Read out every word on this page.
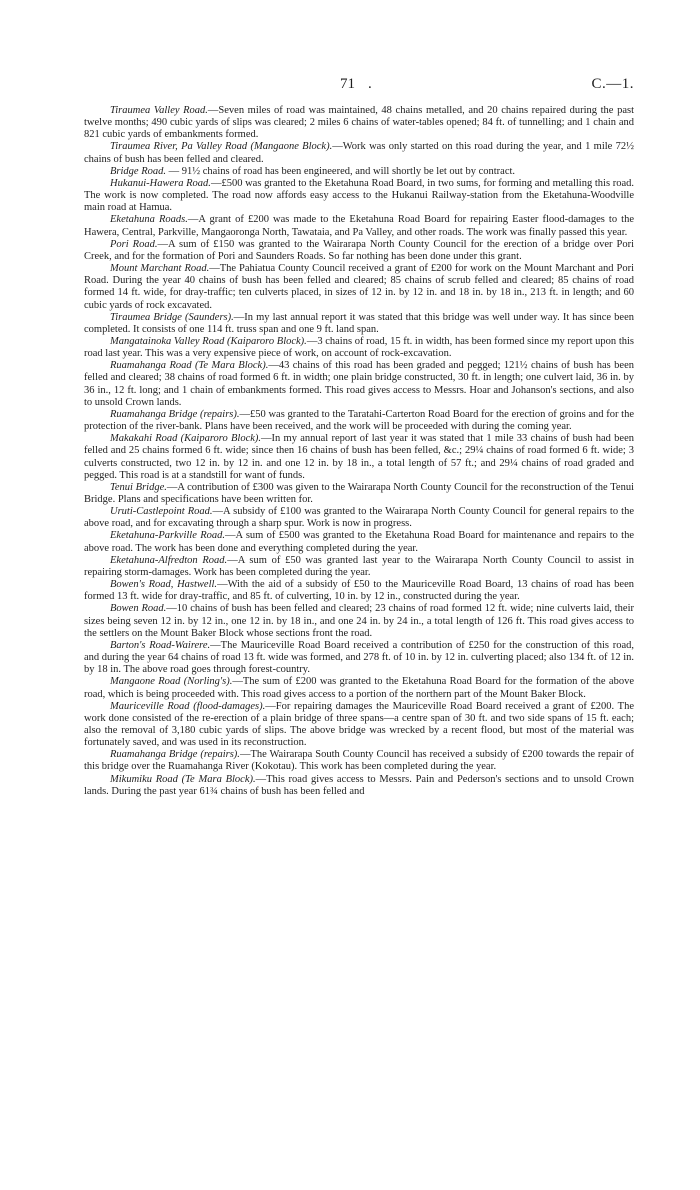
71 .	C.—1.

Tiraumea Valley Road.—Seven miles of road was maintained, 48 chains metalled, and 20 chains repaired during the past twelve months; 490 cubic yards of slips was cleared; 2 miles 6 chains of water-tables opened; 84 ft. of tunnelling; and 1 chain and 821 cubic yards of embankments formed.

Tiraumea River, Pa Valley Road (Mangaone Block).—Work was only started on this road during the year, and 1 mile 72½ chains of bush has been felled and cleared.

Bridge Road. — 91½ chains of road has been engineered, and will shortly be let out by contract.

Hukanui-Hawera Road.—£500 was granted to the Eketahuna Road Board, in two sums, for forming and metalling this road. The work is now completed. The road now affords easy access to the Hukanui Railway-station from the Eketahuna-Woodville main road at Hamua.

Eketahuna Roads.—A grant of £200 was made to the Eketahuna Road Board for repairing Easter flood-damages to the Hawera, Central, Parkville, Mangaoronga North, Tawataia, and Pa Valley, and other roads. The work was finally passed this year.

Pori Road.—A sum of £150 was granted to the Wairarapa North County Council for the erection of a bridge over Pori Creek, and for the formation of Pori and Saunders Roads. So far nothing has been done under this grant.

Mount Marchant Road.—The Pahiatua County Council received a grant of £200 for work on the Mount Marchant and Pori Road. During the year 40 chains of bush has been felled and cleared; 85 chains of scrub felled and cleared; 85 chains of road formed 14 ft. wide, for dray-traffic; ten culverts placed, in sizes of 12 in. by 12 in. and 18 in. by 18 in., 213 ft. in length; and 60 cubic yards of rock excavated.

Tiraumea Bridge (Saunders).—In my last annual report it was stated that this bridge was well under way. It has since been completed. It consists of one 114 ft. truss span and one 9 ft. land span.

Mangatainoka Valley Road (Kaiparoro Block).—3 chains of road, 15 ft. in width, has been formed since my report upon this road last year. This was a very expensive piece of work, on account of rock-excavation.

Ruamahanga Road (Te Mara Block).—43 chains of this road has been graded and pegged; 121½ chains of bush has been felled and cleared; 38 chains of road formed 6 ft. in width; one plain bridge constructed, 30 ft. in length; one culvert laid, 36 in. by 36 in., 12 ft. long; and 1 chain of embankments formed. This road gives access to Messrs. Hoar and Johanson's sections, and also to unsold Crown lands.

Ruamahanga Bridge (repairs).—£50 was granted to the Taratahi-Carterton Road Board for the erection of groins and for the protection of the river-bank. Plans have been received, and the work will be proceeded with during the coming year.

Makakahi Road (Kaiparoro Block).—In my annual report of last year it was stated that 1 mile 33 chains of bush had been felled and 25 chains formed 6 ft. wide; since then 16 chains of bush has been felled, &c.; 29¼ chains of road formed 6 ft. wide; 3 culverts constructed, two 12 in. by 12 in. and one 12 in. by 18 in., a total length of 57 ft.; and 29¼ chains of road graded and pegged. This road is at a standstill for want of funds.

Tenui Bridge.—A contribution of £300 was given to the Wairarapa North County Council for the reconstruction of the Tenui Bridge. Plans and specifications have been written for.

Uruti-Castlepoint Road.—A subsidy of £100 was granted to the Wairarapa North County Council for general repairs to the above road, and for excavating through a sharp spur. Work is now in progress.

Eketahuna-Parkville Road.—A sum of £500 was granted to the Eketahuna Road Board for maintenance and repairs to the above road. The work has been done and everything completed during the year.

Eketahuna-Alfredton Road.—A sum of £50 was granted last year to the Wairarapa North County Council to assist in repairing storm-damages. Work has been completed during the year.

Bowen's Road, Hastwell.—With the aid of a subsidy of £50 to the Mauriceville Road Board, 13 chains of road has been formed 13 ft. wide for dray-traffic, and 85 ft. of culverting, 10 in. by 12 in., constructed during the year.

Bowen Road.—10 chains of bush has been felled and cleared; 23 chains of road formed 12 ft. wide; nine culverts laid, their sizes being seven 12 in. by 12 in., one 12 in. by 18 in., and one 24 in. by 24 in., a total length of 126 ft. This road gives access to the settlers on the Mount Baker Block whose sections front the road.

Barton's Road-Wairere.—The Mauriceville Road Board received a contribution of £250 for the construction of this road, and during the year 64 chains of road 13 ft. wide was formed, and 278 ft. of 10 in. by 12 in. culverting placed; also 134 ft. of 12 in. by 18 in. The above road goes through forest-country.

Mangaone Road (Norling's).—The sum of £200 was granted to the Eketahuna Road Board for the formation of the above road, which is being proceeded with. This road gives access to a portion of the northern part of the Mount Baker Block.

Mauriceville Road (flood-damages).—For repairing damages the Mauriceville Road Board received a grant of £200. The work done consisted of the re-erection of a plain bridge of three spans—a centre span of 30 ft. and two side spans of 15 ft. each; also the removal of 3,180 cubic yards of slips. The above bridge was wrecked by a recent flood, but most of the material was fortunately saved, and was used in its reconstruction.

Ruamahanga Bridge (repairs).—The Wairarapa South County Council has received a subsidy of £200 towards the repair of this bridge over the Ruamahanga River (Kokotau). This work has been completed during the year.

Mikumiku Road (Te Mara Block).—This road gives access to Messrs. Pain and Pederson's sections and to unsold Crown lands. During the past year 61¾ chains of bush has been felled and
